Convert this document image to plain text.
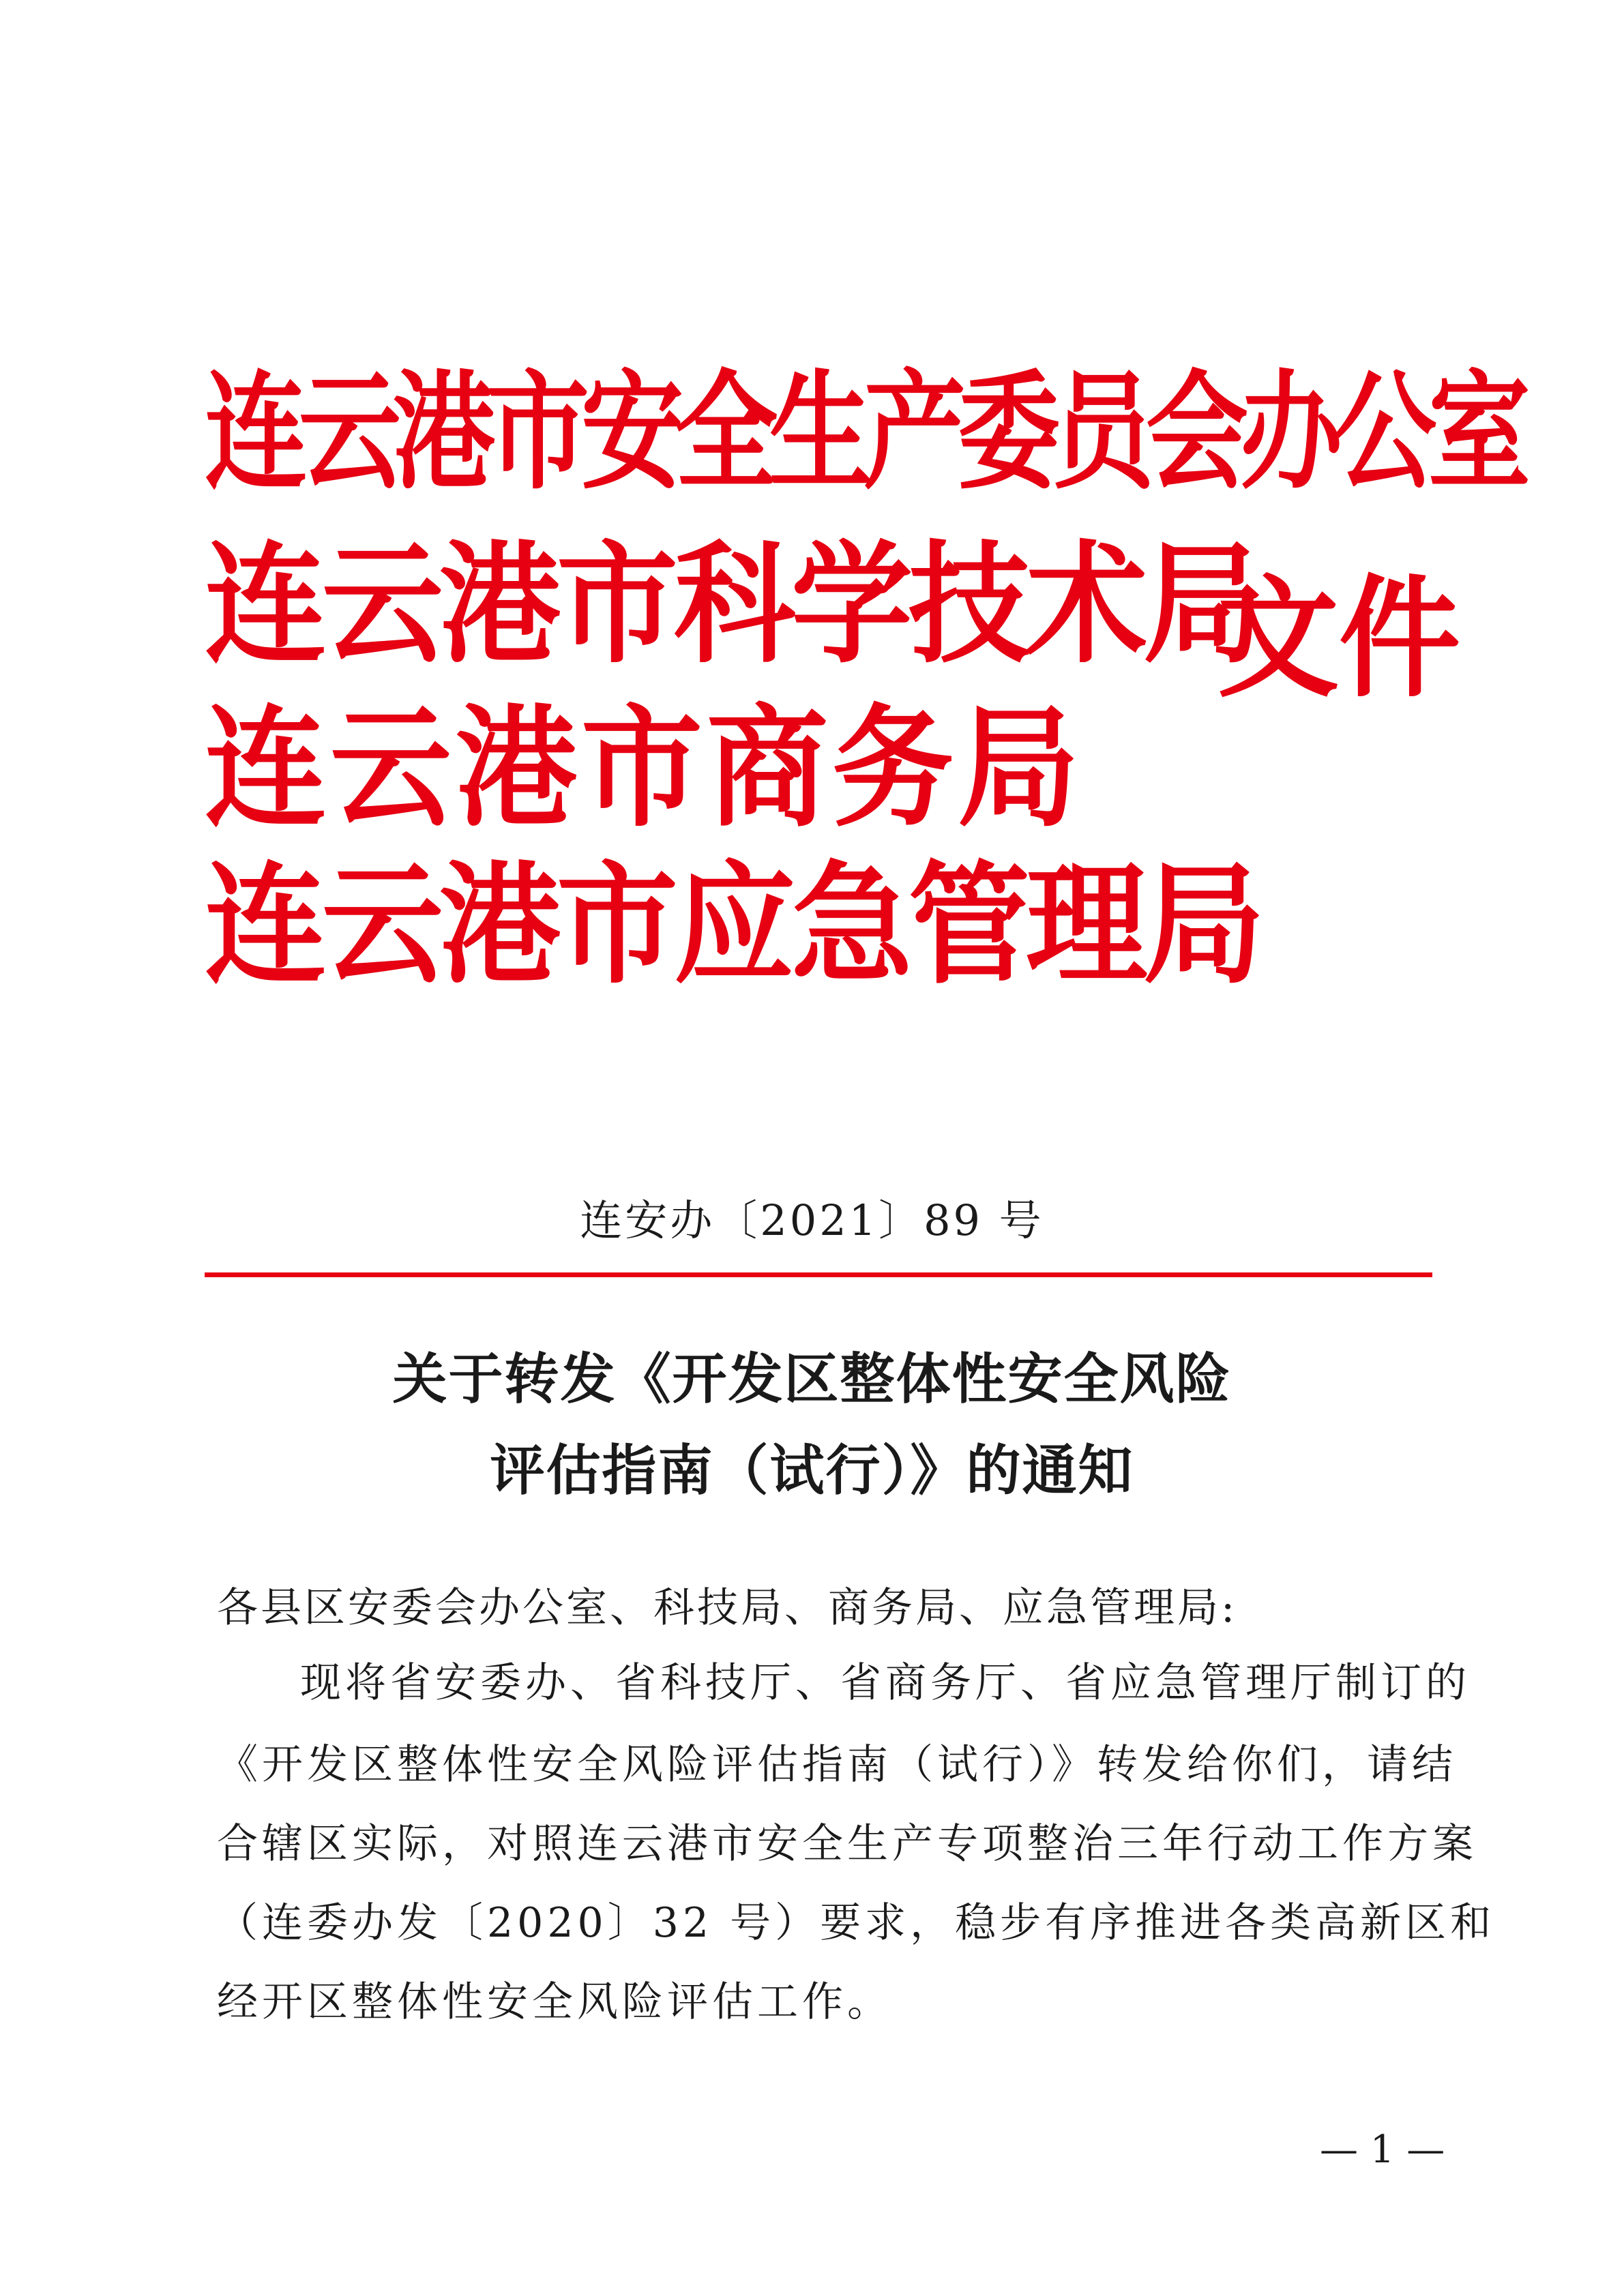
连云港市安全生产委员会办公室
连云港市科学技术局
连云港市商务局
连云港市应急管理局
文件
连安办〔2021〕89 号
关于转发《开发区整体性安全风险
评估指南（试行）》的通知
各县区安委会办公室、科技局、商务局、应急管理局:
现将省安委办、省科技厅、省商务厅、省应急管理厅制订的
《开发区整体性安全风险评估指南（试行）》转发给你们，请结
合辖区实际，对照连云港市安全生产专项整治三年行动工作方案
（连委办发〔2020〕32 号）要求，稳步有序推进各类高新区和
经开区整体性安全风险评估工作。
— 1 —
